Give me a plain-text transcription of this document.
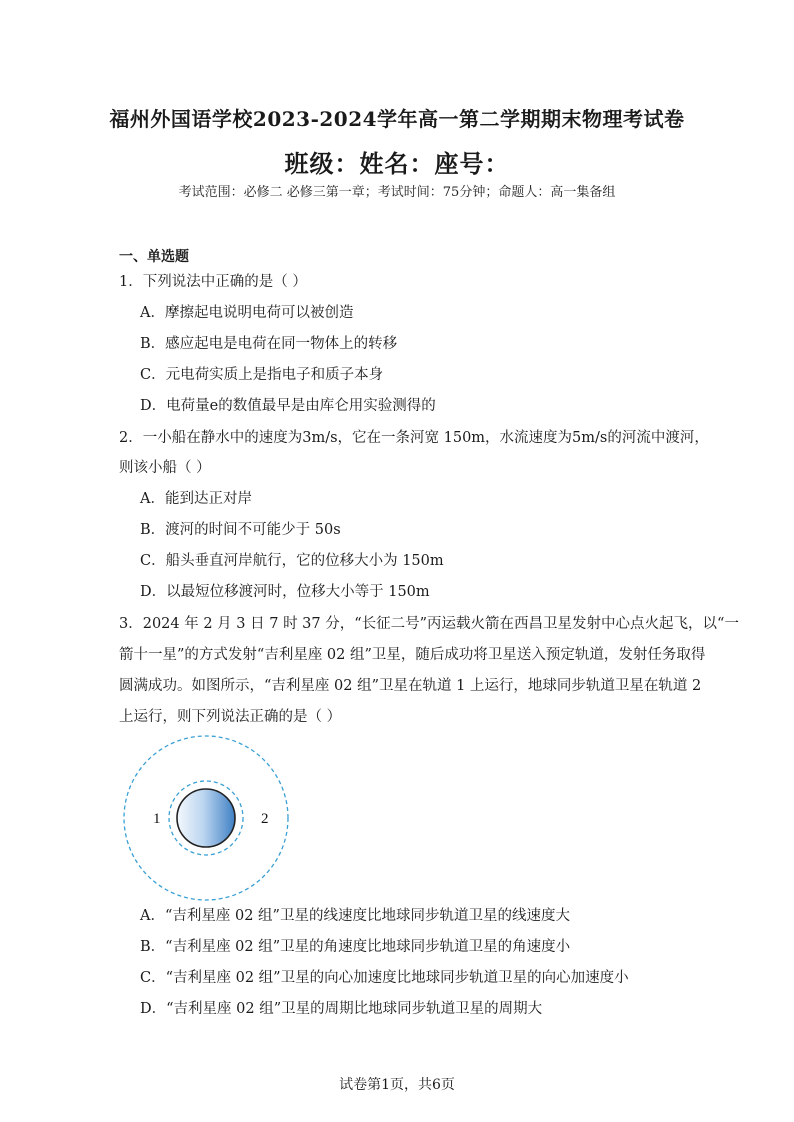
福州外国语学校2023-2024学年高一第二学期期末物理考试卷
班级：姓名：座号：
考试范围：必修二 必修三第一章；考试时间：75分钟；命题人：高一集备组
一、单选题
1．下列说法中正确的是（ ）
A．摩擦起电说明电荷可以被创造
B．感应起电是电荷在同一物体上的转移
C．元电荷实质上是指电子和质子本身
D．电荷量e的数值最早是由库仑用实验测得的
2．一小船在静水中的速度为3m/s，它在一条河宽 150m，水流速度为5m/s的河流中渡河，
则该小船（ ）
A．能到达正对岸
B．渡河的时间不可能少于 50s
C．船头垂直河岸航行，它的位移大小为 150m
D．以最短位移渡河时，位移大小等于 150m
3．2024 年 2 月 3 日 7 时 37 分，“长征二号”丙运载火箭在西昌卫星发射中心点火起飞，以“一
箭十一星”的方式发射“吉利星座 02 组”卫星，随后成功将卫星送入预定轨道，发射任务取得
圆满成功。如图所示，“吉利星座 02 组”卫星在轨道 1 上运行，地球同步轨道卫星在轨道 2
上运行，则下列说法正确的是（ ）
1	2
A．“吉利星座 02 组”卫星的线速度比地球同步轨道卫星的线速度大
B．“吉利星座 02 组”卫星的角速度比地球同步轨道卫星的角速度小
C．“吉利星座 02 组”卫星的向心加速度比地球同步轨道卫星的向心加速度小
D．“吉利星座 02 组”卫星的周期比地球同步轨道卫星的周期大
试卷第1页，共6页
